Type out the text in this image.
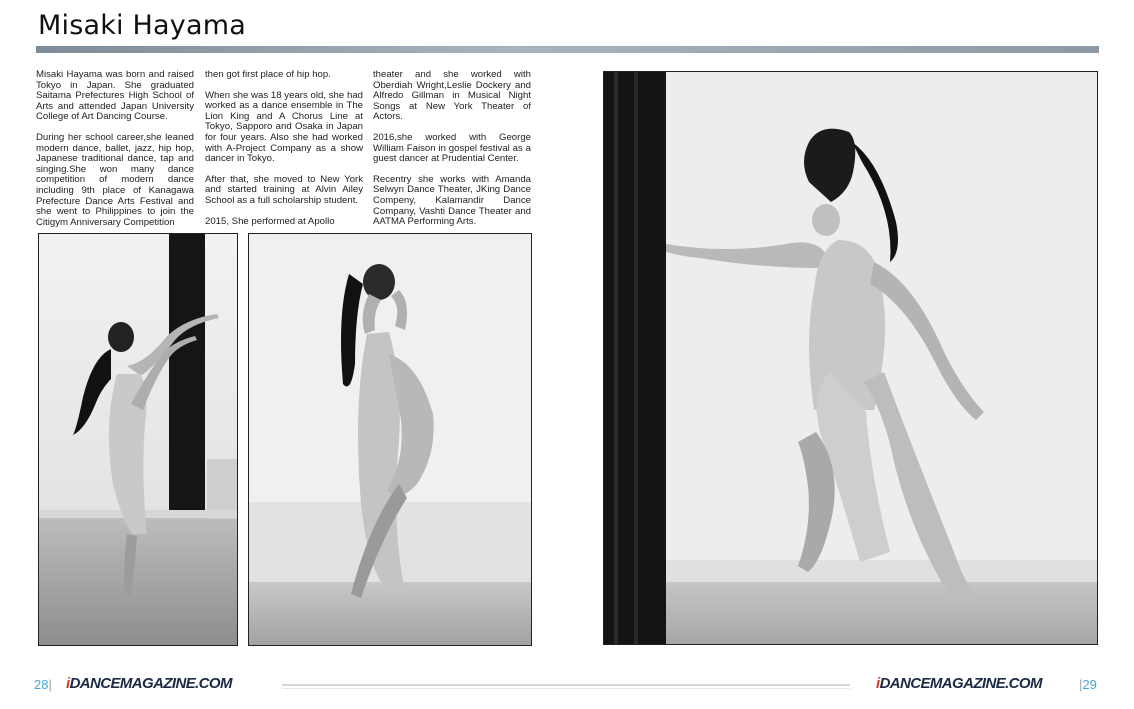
Misaki Hayama

Misaki Hayama was born and raised Tokyo in Japan. She graduated Saitama Prefectures High School of Arts and attended Japan University College of Art Dancing Course.

During her school career,she leaned modern dance, ballet, jazz, hip hop, Japanese traditional dance, tap and singing.She won many dance competition of modern dance including 9th place of Kanagawa Prefecture Dance Arts Festival and she went to Philippines to join the Citigym Anniversary Competition

then got first place of hip hop.

When she was 18 years old, she had worked as a dance ensemble in The Lion King and A Chorus Line at Tokyo, Sapporo and Osaka in Japan for four years. Also she had worked with A-Project Company as a show dancer in Tokyo.

After that, she moved to New York and started training at Alvin Ailey School as a full scholarship student.

2015, She performed at Apollo

theater and she worked with Oberdiah Wright,Leslie Dockery and Alfredo Gillman in Musical Night Songs at New York Theater of Actors.

2016,she worked with George William Faison in gospel festival as a guest dancer at Prudential Center.

Recentry she works with Amanda Selwyn Dance Theater, JKing Dance Compeny, Kalamandir Dance Company, Vashti Dance Theater and AATMA Performing Arts.

28| iDANCEMAGAZINE.COM	iDANCEMAGAZINE.COM	|29
